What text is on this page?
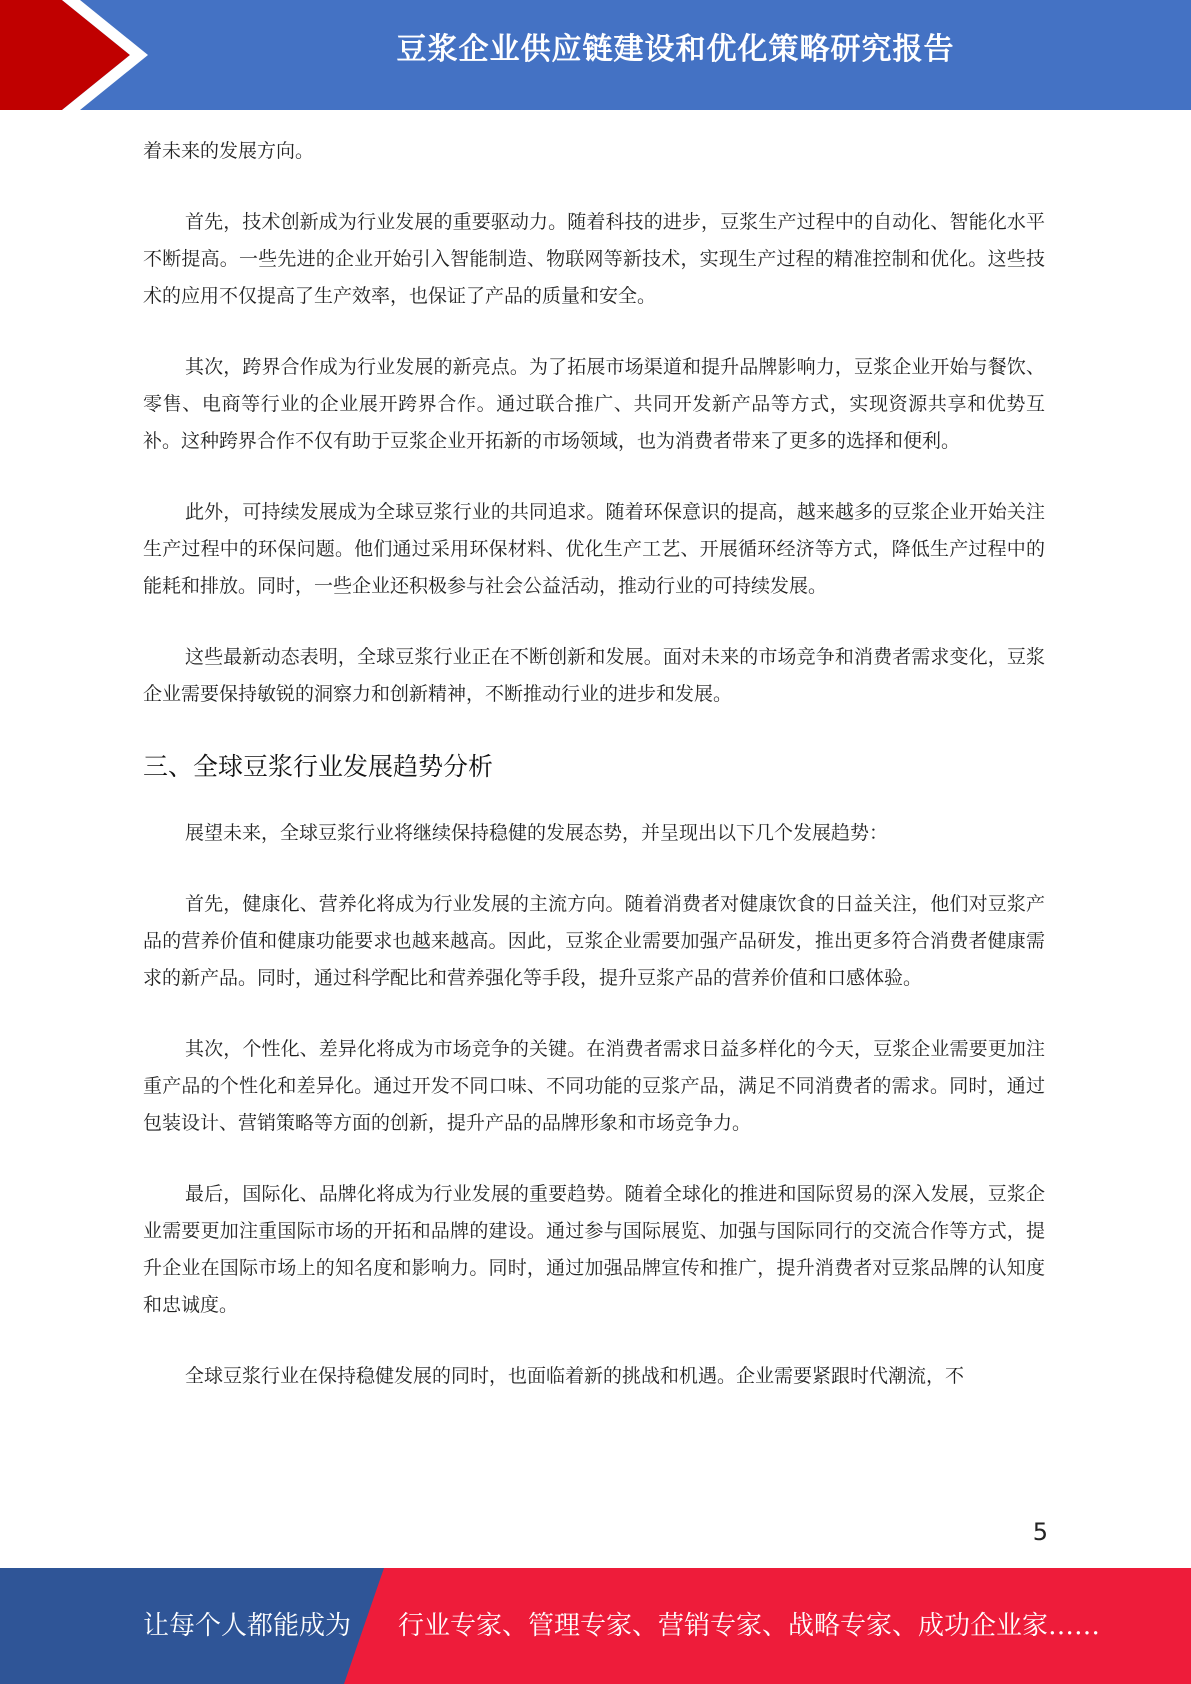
豆浆企业供应链建设和优化策略研究报告

着未来的发展方向。

首先，技术创新成为行业发展的重要驱动力。随着科技的进步，豆浆生产过程中的自动化、智能化水平不断提高。一些先进的企业开始引入智能制造、物联网等新技术，实现生产过程的精准控制和优化。这些技术的应用不仅提高了生产效率，也保证了产品的质量和安全。

其次，跨界合作成为行业发展的新亮点。为了拓展市场渠道和提升品牌影响力，豆浆企业开始与餐饮、零售、电商等行业的企业展开跨界合作。通过联合推广、共同开发新产品等方式，实现资源共享和优势互补。这种跨界合作不仅有助于豆浆企业开拓新的市场领域，也为消费者带来了更多的选择和便利。

此外，可持续发展成为全球豆浆行业的共同追求。随着环保意识的提高，越来越多的豆浆企业开始关注生产过程中的环保问题。他们通过采用环保材料、优化生产工艺、开展循环经济等方式，降低生产过程中的能耗和排放。同时，一些企业还积极参与社会公益活动，推动行业的可持续发展。

这些最新动态表明，全球豆浆行业正在不断创新和发展。面对未来的市场竞争和消费者需求变化，豆浆企业需要保持敏锐的洞察力和创新精神，不断推动行业的进步和发展。

三、全球豆浆行业发展趋势分析

展望未来，全球豆浆行业将继续保持稳健的发展态势，并呈现出以下几个发展趋势：

首先，健康化、营养化将成为行业发展的主流方向。随着消费者对健康饮食的日益关注，他们对豆浆产品的营养价值和健康功能要求也越来越高。因此，豆浆企业需要加强产品研发，推出更多符合消费者健康需求的新产品。同时，通过科学配比和营养强化等手段，提升豆浆产品的营养价值和口感体验。

其次，个性化、差异化将成为市场竞争的关键。在消费者需求日益多样化的今天，豆浆企业需要更加注重产品的个性化和差异化。通过开发不同口味、不同功能的豆浆产品，满足不同消费者的需求。同时，通过包装设计、营销策略等方面的创新，提升产品的品牌形象和市场竞争力。

最后，国际化、品牌化将成为行业发展的重要趋势。随着全球化的推进和国际贸易的深入发展，豆浆企业需要更加注重国际市场的开拓和品牌的建设。通过参与国际展览、加强与国际同行的交流合作等方式，提升企业在国际市场上的知名度和影响力。同时，通过加强品牌宣传和推广，提升消费者对豆浆品牌的认知度和忠诚度。

全球豆浆行业在保持稳健发展的同时，也面临着新的挑战和机遇。企业需要紧跟时代潮流，不

5
让每个人都能成为 行业专家、管理专家、营销专家、战略专家、成功企业家……
